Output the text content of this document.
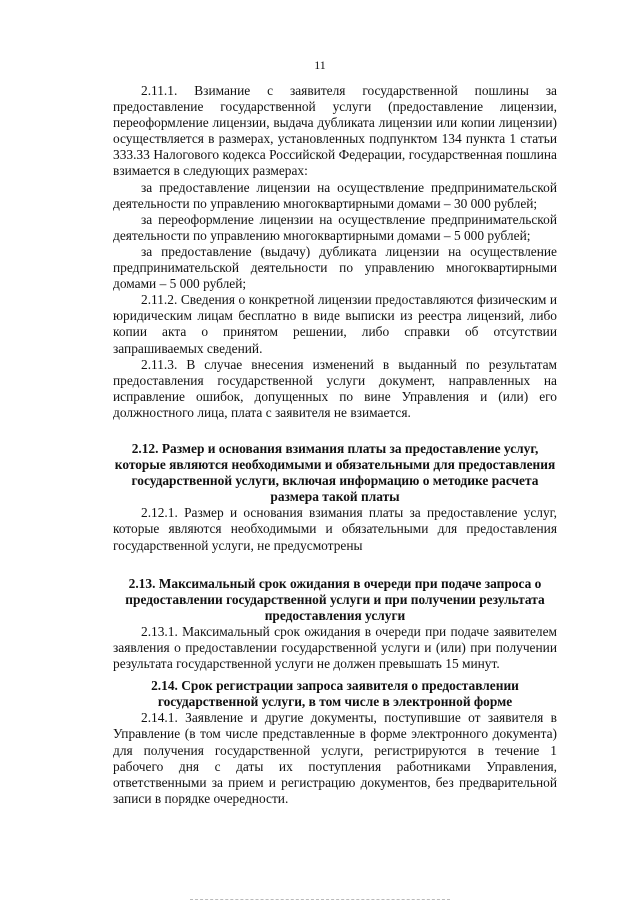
11

2.11.1. Взимание с заявителя государственной пошлины за предоставление государственной услуги (предоставление лицензии, переоформление лицензии, выдача дубликата лицензии или копии лицензии) осуществляется в размерах, установленных подпунктом 134 пункта 1 статьи 333.33 Налогового кодекса Российской Федерации, государственная пошлина взимается в следующих размерах:

за предоставление лицензии на осуществление предпринимательской деятельности по управлению многоквартирными домами – 30 000 рублей;

за переоформление лицензии на осуществление предпринимательской деятельности по управлению многоквартирными домами – 5 000 рублей;

за предоставление (выдачу) дубликата лицензии на осуществление предпринимательской деятельности по управлению многоквартирными домами – 5 000 рублей;

2.11.2. Сведения о конкретной лицензии предоставляются физическим и юридическим лицам бесплатно в виде выписки из реестра лицензий, либо копии акта о принятом решении, либо справки об отсутствии запрашиваемых сведений.

2.11.3. В случае внесения изменений в выданный по результатам предоставления государственной услуги документ, направленных на исправление ошибок, допущенных по вине Управления и (или) его должностного лица, плата с заявителя не взимается.

2.12. Размер и основания взимания платы за предоставление услуг, которые являются необходимыми и обязательными для предоставления государственной услуги, включая информацию о методике расчета размера такой платы

2.12.1. Размер и основания взимания платы за предоставление услуг, которые являются необходимыми и обязательными для предоставления государственной услуги, не предусмотрены

2.13. Максимальный срок ожидания в очереди при подаче запроса о предоставлении государственной услуги и при получении результата предоставления услуги

2.13.1. Максимальный срок ожидания в очереди при подаче заявителем заявления о предоставлении государственной услуги и (или) при получении результата государственной услуги не должен превышать 15 минут.

2.14. Срок регистрации запроса заявителя о предоставлении государственной услуги, в том числе в электронной форме

2.14.1. Заявление и другие документы, поступившие от заявителя в Управление (в том числе представленные в форме электронного документа) для получения государственной услуги, регистрируются в течение 1 рабочего дня с даты их поступления работниками Управления, ответственными за прием и регистрацию документов, без предварительной записи в порядке очередности.
